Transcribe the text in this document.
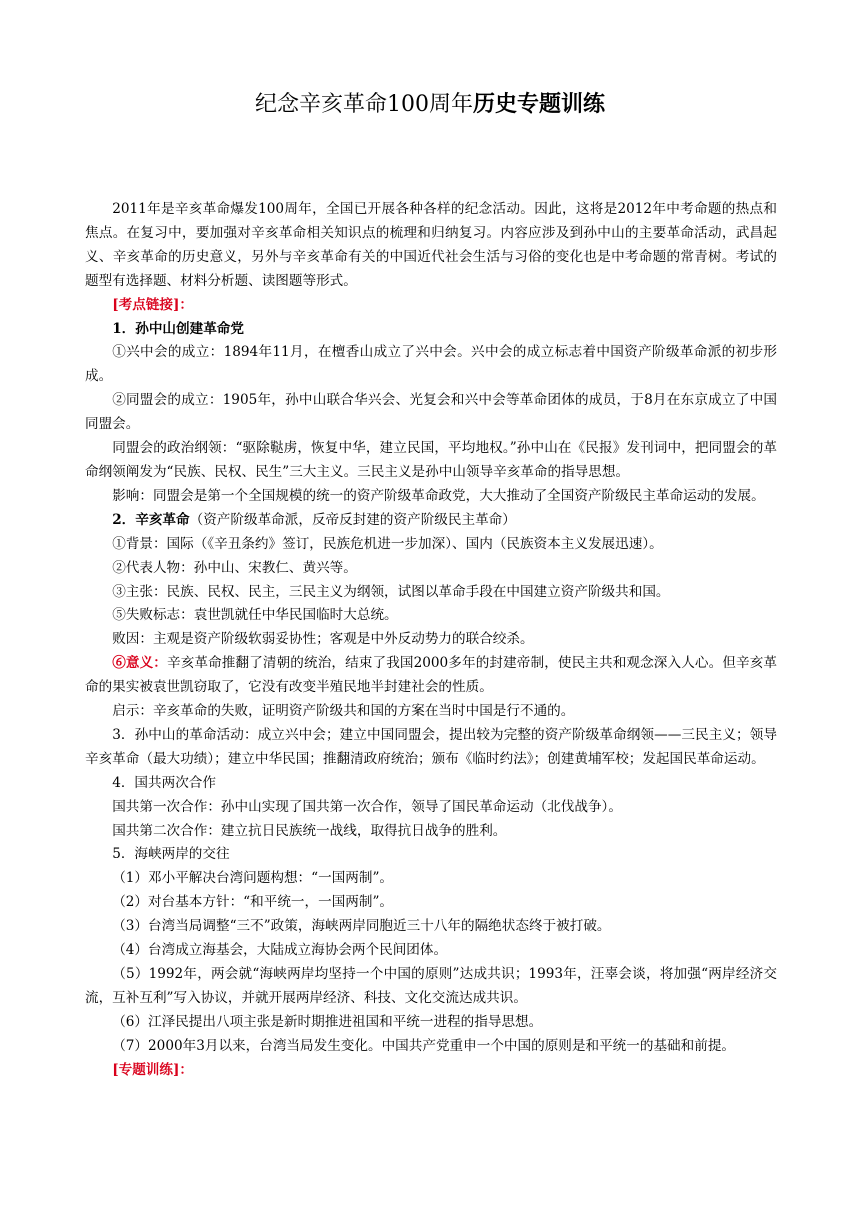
纪念辛亥革命100周年历史专题训练

2011年是辛亥革命爆发100周年，全国已开展各种各样的纪念活动。因此，这将是2012年中考命题的热点和焦点。在复习中，要加强对辛亥革命相关知识点的梳理和归纳复习。内容应涉及到孙中山的主要革命活动，武昌起义、辛亥革命的历史意义，另外与辛亥革命有关的中国近代社会生活与习俗的变化也是中考命题的常青树。考试的题型有选择题、材料分析题、读图题等形式。

[考点链接]：

1．孙中山创建革命党

①兴中会的成立：1894年11月，在檀香山成立了兴中会。兴中会的成立标志着中国资产阶级革命派的初步形成。

②同盟会的成立：1905年，孙中山联合华兴会、光复会和兴中会等革命团体的成员，于8月在东京成立了中国同盟会。

同盟会的政治纲领：“驱除鞑虏，恢复中华，建立民国，平均地权。”孙中山在《民报》发刊词中，把同盟会的革命纲领阐发为“民族、民权、民生”三大主义。三民主义是孙中山领导辛亥革命的指导思想。

影响：同盟会是第一个全国规模的统一的资产阶级革命政党，大大推动了全国资产阶级民主革命运动的发展。

2．辛亥革命（资产阶级革命派，反帝反封建的资产阶级民主革命）

①背景：国际（《辛丑条约》签订，民族危机进一步加深）、国内（民族资本主义发展迅速）。

②代表人物：孙中山、宋教仁、黄兴等。

③主张：民族、民权、民主，三民主义为纲领，试图以革命手段在中国建立资产阶级共和国。

⑤失败标志：袁世凯就任中华民国临时大总统。

败因：主观是资产阶级软弱妥协性；客观是中外反动势力的联合绞杀。

⑥意义：辛亥革命推翻了清朝的统治，结束了我国2000多年的封建帝制，使民主共和观念深入人心。但辛亥革命的果实被袁世凯窃取了，它没有改变半殖民地半封建社会的性质。

启示：辛亥革命的失败，证明资产阶级共和国的方案在当时中国是行不通的。

3．孙中山的革命活动：成立兴中会；建立中国同盟会，提出较为完整的资产阶级革命纲领——三民主义；领导辛亥革命（最大功绩）；建立中华民国；推翻清政府统治；颁布《临时约法》；创建黄埔军校；发起国民革命运动。

4．国共两次合作

国共第一次合作：孙中山实现了国共第一次合作，领导了国民革命运动（北伐战争）。

国共第二次合作：建立抗日民族统一战线，取得抗日战争的胜利。

5．海峡两岸的交往

（1）邓小平解决台湾问题构想：“一国两制”。

（2）对台基本方针：“和平统一，一国两制”。

（3）台湾当局调整“三不”政策，海峡两岸同胞近三十八年的隔绝状态终于被打破。

（4）台湾成立海基会，大陆成立海协会两个民间团体。

（5）1992年，两会就“海峡两岸均坚持一个中国的原则”达成共识；1993年，汪辜会谈，将加强“两岸经济交流，互补互利”写入协议，并就开展两岸经济、科技、文化交流达成共识。

（6）江泽民提出八项主张是新时期推进祖国和平统一进程的指导思想。

（7）2000年3月以来，台湾当局发生变化。中国共产党重申一个中国的原则是和平统一的基础和前提。

[专题训练]：
